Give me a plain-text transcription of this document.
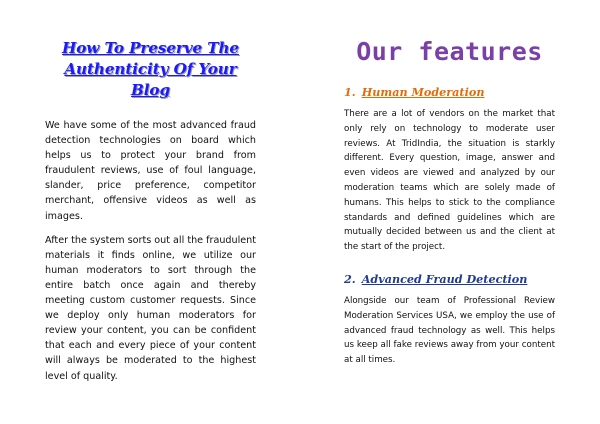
How To Preserve The
Authenticity Of Your Blog

We have some of the most advanced fraud detection technologies on board which helps us to protect your brand from fraudulent reviews, use of foul language, slander, price preference, competitor merchant, offensive videos as well as images.

After the system sorts out all the fraudulent materials it finds online, we utilize our human moderators to sort through the entire batch once again and thereby meeting custom customer requests. Since we deploy only human moderators for review your content, you can be confident that each and every piece of your content will always be moderated to the highest level of quality.

Our features
1. Human Moderation

There are a lot of vendors on the market that only rely on technology to moderate user reviews. At TridIndia, the situation is starkly different. Every question, image, answer and even videos are viewed and analyzed by our moderation teams which are solely made of humans. This helps to stick to the compliance standards and defined guidelines which are mutually decided between us and the client at the start of the project.

2. Advanced Fraud Detection

Alongside our team of Professional Review Moderation Services USA, we employ the use of advanced fraud technology as well. This helps us keep all fake reviews away from your content at all times.
